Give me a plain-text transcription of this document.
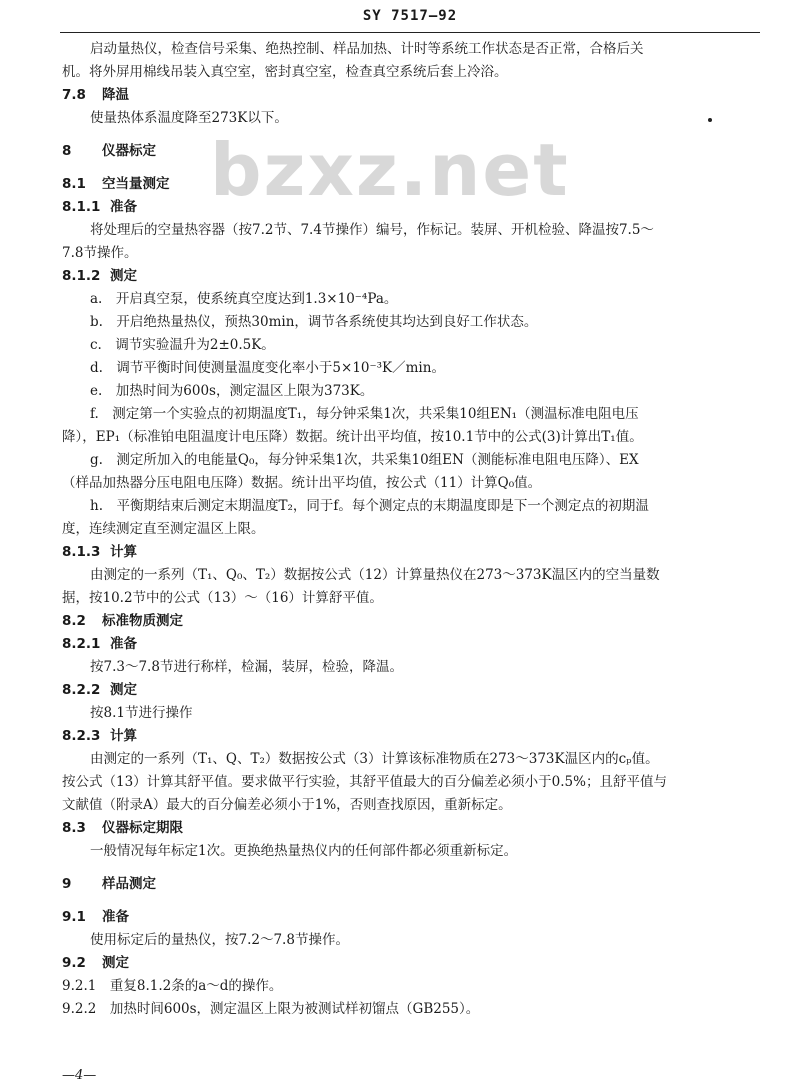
SY 7517—92
bzxz.net

启动量热仪，检查信号采集、绝热控制、样品加热、计时等系统工作状态是否正常，合格后关

机。将外屏用棉线吊装入真空室，密封真空室，检查真空系统后套上冷浴。

7.8 降温

使量热体系温度降至273K以下。

8 仪器标定
8.1 空当量测定
8.1.1 准备

将处理后的空量热容器（按7.2节、7.4节操作）编号，作标记。装屏、开机检验、降温按7.5～

7.8节操作。

8.1.2 测定

a.　开启真空泵，使系统真空度达到1.3×10⁻⁴Pa。

b.　开启绝热量热仪，预热30min，调节各系统使其均达到良好工作状态。

c.　调节实验温升为2±0.5K。

d.　调节平衡时间使测量温度变化率小于5×10⁻³K／min。

e.　加热时间为600s，测定温区上限为373K。

f.　测定第一个实验点的初期温度T₁，每分钟采集1次，共采集10组EN₁（测温标准电阻电压

降），EP₁（标准铂电阻温度计电压降）数据。统计出平均值，按10.1节中的公式(3)计算出T₁值。

g.　测定所加入的电能量Q₀，每分钟采集1次，共采集10组EN（测能标准电阻电压降）、EX

（样品加热器分压电阻电压降）数据。统计出平均值，按公式（11）计算Q₀值。

h.　平衡期结束后测定末期温度T₂，同于f。每个测定点的末期温度即是下一个测定点的初期温

度，连续测定直至测定温区上限。

8.1.3 计算

由测定的一系列（T₁、Q₀、T₂）数据按公式（12）计算量热仪在273～373K温区内的空当量数

据，按10.2节中的公式（13）～（16）计算舒平值。

8.2 标准物质测定
8.2.1 准备

按7.3～7.8节进行称样，检漏，装屏，检验，降温。

8.2.2 测定

按8.1节进行操作

8.2.3 计算

由测定的一系列（T₁、Q、T₂）数据按公式（3）计算该标准物质在273～373K温区内的cₚ值。

按公式（13）计算其舒平值。要求做平行实验，其舒平值最大的百分偏差必须小于0.5%；且舒平值与

文献值（附录A）最大的百分偏差必须小于1%，否则查找原因，重新标定。

8.3 仪器标定期限

一般情况每年标定1次。更换绝热量热仪内的任何部件都必须重新标定。

9 样品测定
9.1 准备

使用标定后的量热仪，按7.2～7.8节操作。

9.2 测定

9.2.1　重复8.1.2条的a～d的操作。

9.2.2　加热时间600s，测定温区上限为被测试样初馏点（GB255）。

—4—
